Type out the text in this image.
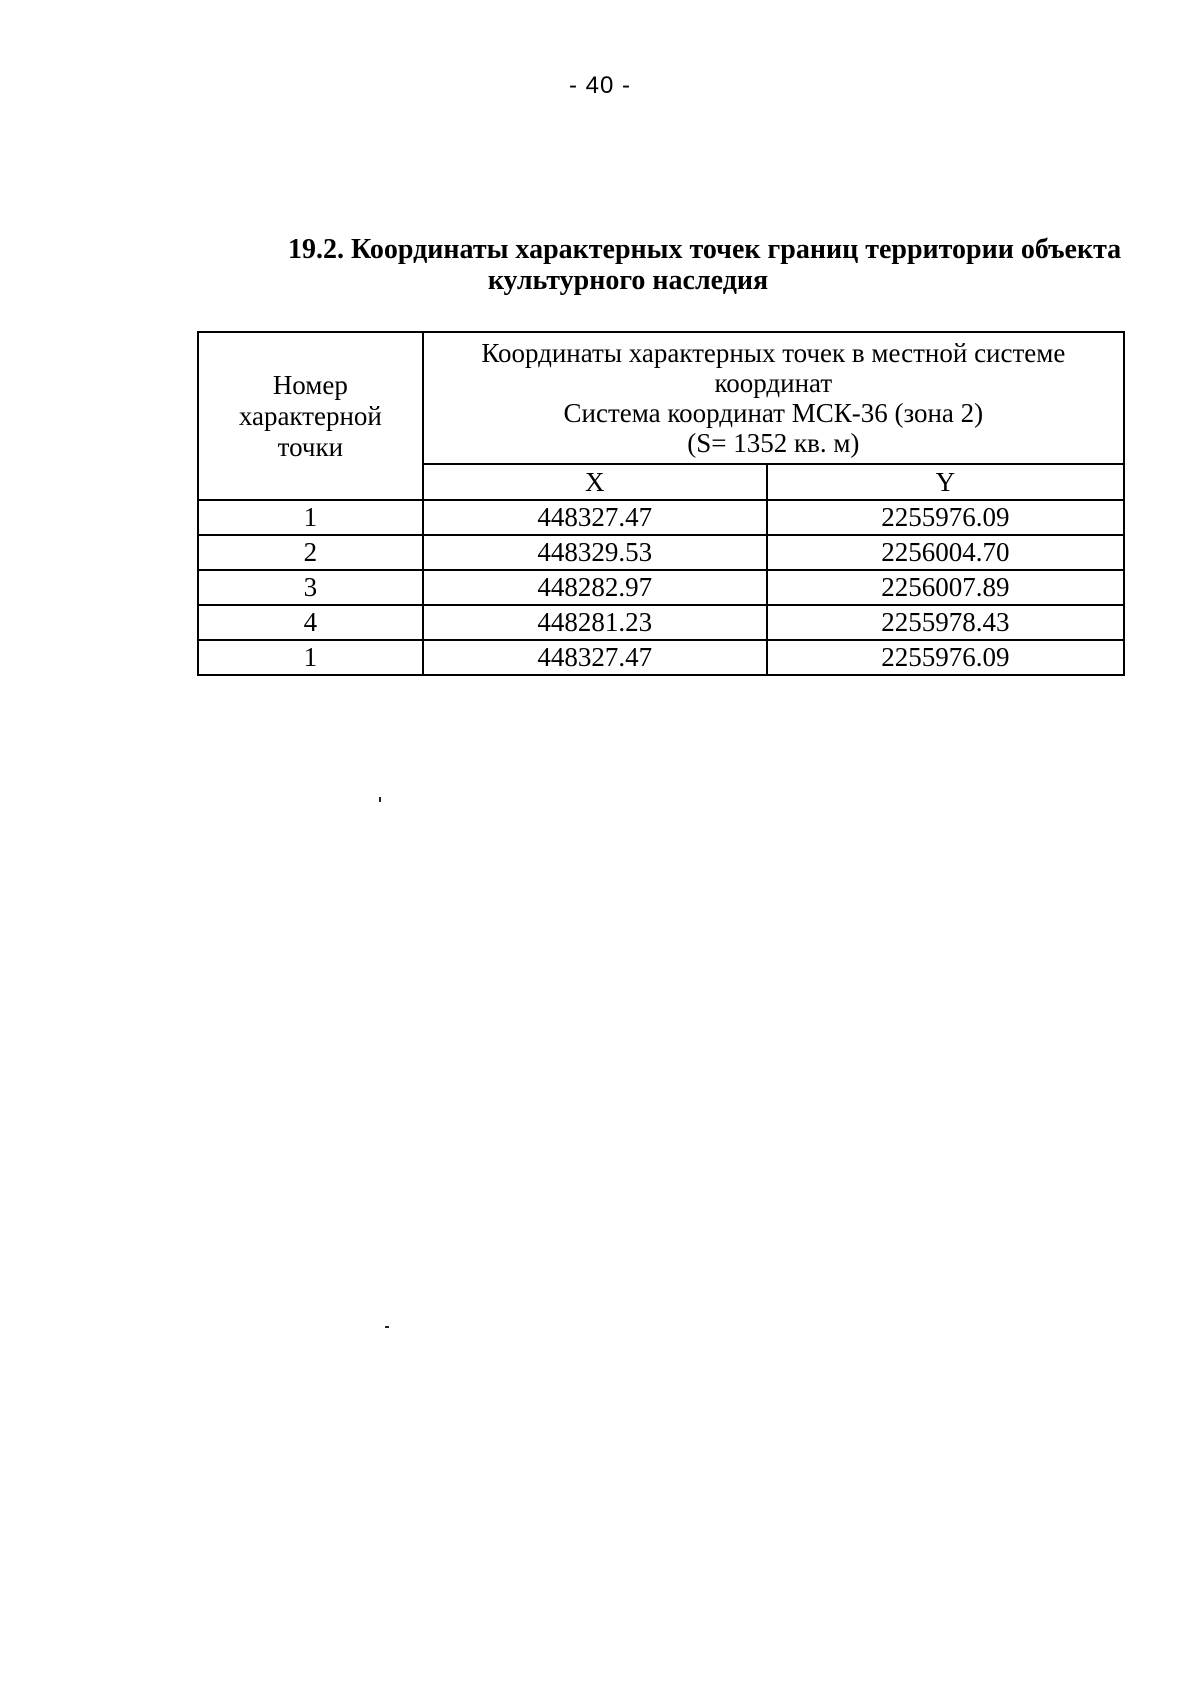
- 40 -
19.2. Координаты характерных точек границ территории объекта
культурного наследия
Номер
характерной
точки	Координаты характерных точек в местной системе
координат
Система координат МСК-36 (зона 2)
(S= 1352 кв. м)	

	X	Y
1	448327.47	2255976.09
2	448329.53	2256004.70
3	448282.97	2256007.89
4	448281.23	2255978.43
1	448327.47	2255976.09
